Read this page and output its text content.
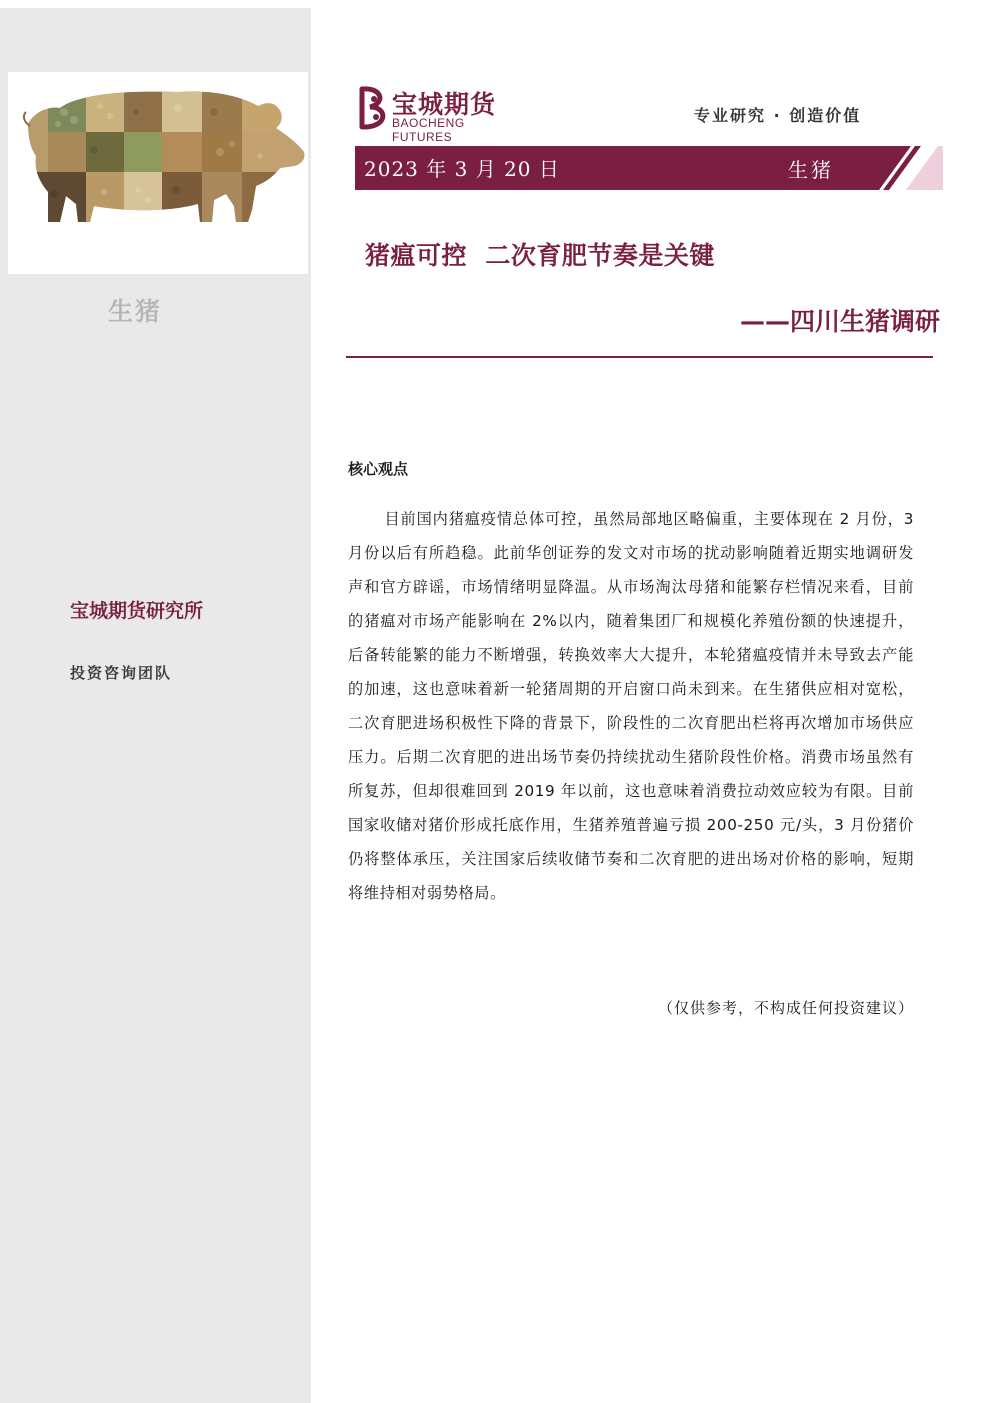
生猪
宝城期货研究所
投资咨询团队
宝城期货
BAOCHENG FUTURES
专业研究 · 创造价值
2023 年 3 月 20 日	生猪
猪瘟可控  二次育肥节奏是关键
——四川生猪调研
核心观点

目前国内猪瘟疫情总体可控，虽然局部地区略偏重，主要体现在 2 月份，3 月份以后有所趋稳。此前华创证券的发文对市场的扰动影响随着近期实地调研发声和官方辟谣，市场情绪明显降温。从市场淘汰母猪和能繁存栏情况来看，目前的猪瘟对市场产能影响在 2%以内，随着集团厂和规模化养殖份额的快速提升，后备转能繁的能力不断增强，转换效率大大提升，本轮猪瘟疫情并未导致去产能的加速，这也意味着新一轮猪周期的开启窗口尚未到来。在生猪供应相对宽松，二次育肥进场积极性下降的背景下，阶段性的二次育肥出栏将再次增加市场供应压力。后期二次育肥的进出场节奏仍持续扰动生猪阶段性价格。消费市场虽然有所复苏，但却很难回到 2019 年以前，这也意味着消费拉动效应较为有限。目前国家收储对猪价形成托底作用，生猪养殖普遍亏损 200-250 元/头，3 月份猪价仍将整体承压，关注国家后续收储节奏和二次育肥的进出场对价格的影响，短期将维持相对弱势格局。

（仅供参考，不构成任何投资建议）
